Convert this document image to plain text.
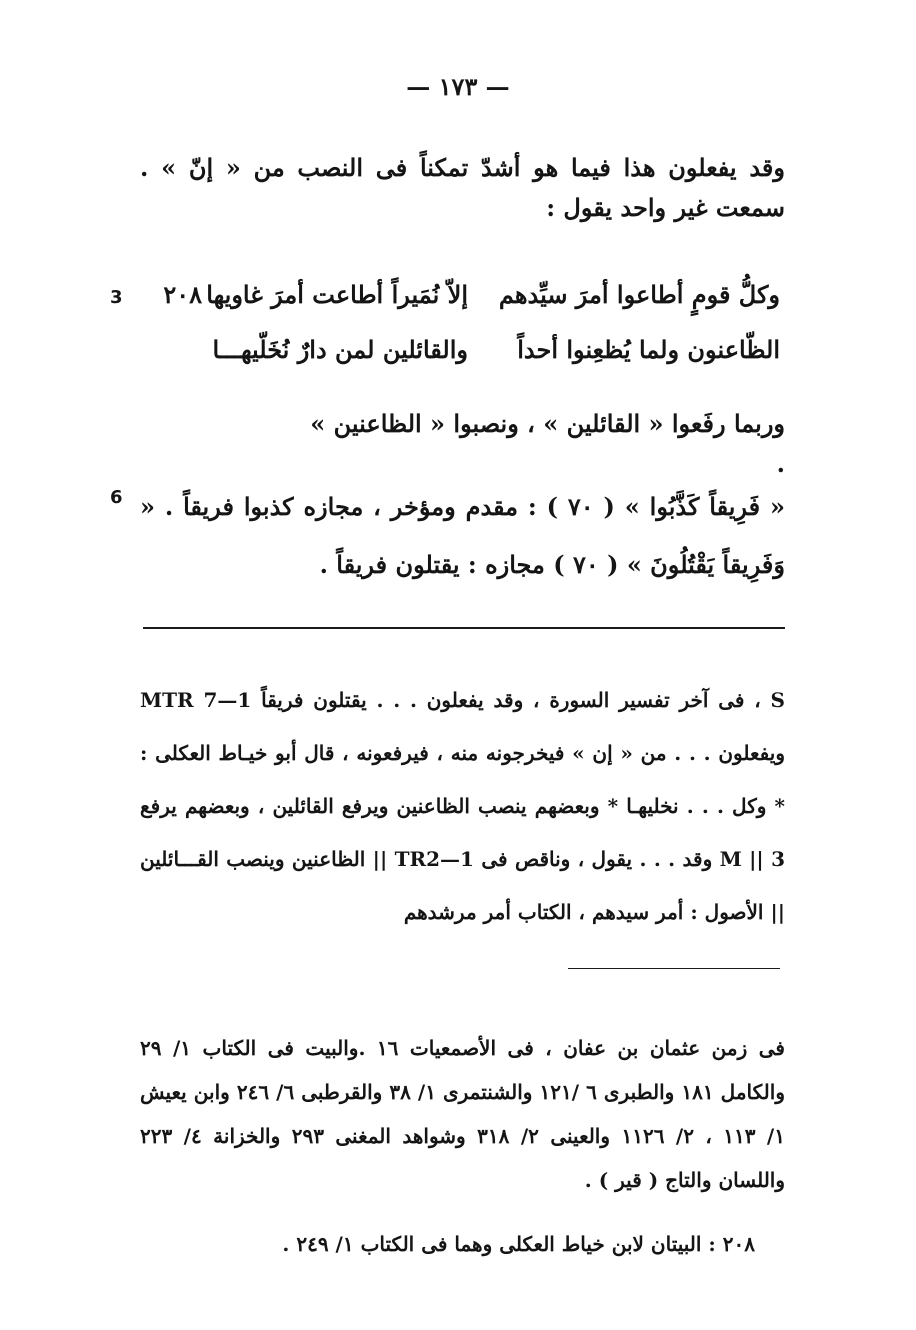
— ١٧٣ —

وقد يفعلون هذا فيما هو أشدّ تمكناً فى النصب من « إنّ » . سمعت غير واحد يقول :

3	٢٠٨	وكلُّ قومٍ أطاعوا أمرَ سيِّدهم
إلاّ نُمَيراً أطاعت أمرَ غاويها
الظّاعنون ولما يُظعِنوا أحداً
والقائلين لمن دارٌ نُخَلّيهـــا

وربما رفَعوا « القائلين » ، ونصبوا « الظاعنين » .

6 « فَرِيقاً كَذَّبُوا » ( ٧٠ ) : مقدم ومؤخر ، مجازه كذبوا فريقاً . « وَفَرِيقاً يَقْتُلُونَ » ( ٧٠ ) مجازه : يقتلون فريقاً .

MTR 7—1 فى آخر تفسير السورة ، وقد يفعلون . . . يقتلون فريقاً ، S ويفعلون . . . من « إن » فيخرجونه منه ، فيرفعونه ، قال أبو خيـاط العكلى : * وكل . . . نخليهـا * وبعضهم ينصب الظاعنين ويرفع القائلين ، وبعضهم يرفع الظاعنين وينصب القـــائلين || TR2—1 وقد . . . يقول ، وناقص فى M || 3 الأصول : أمر سيدهم ، الكتاب أمر مرشدهم ||

فى زمن عثمان بن عفان ، فى الأصمعيات ١٦ .والبيت فى الكتاب ١/ ٢٩ والكامل ١٨١ والطبرى ٦ /١٢١ والشنتمرى ١/ ٣٨ والقرطبى ٦/ ٢٤٦ وابن يعيش ١/ ١١٣ ، ٢/ ١١٢٦ والعينى ٢/ ٣١٨ وشواهد المغنى ٢٩٣ والخزانة ٤/ ٢٢٣ واللسان والتاج ( قير ) .

٢٠٨ : البيتان لابن خياط العكلى وهما فى الكتاب ١/ ٢٤٩ .
